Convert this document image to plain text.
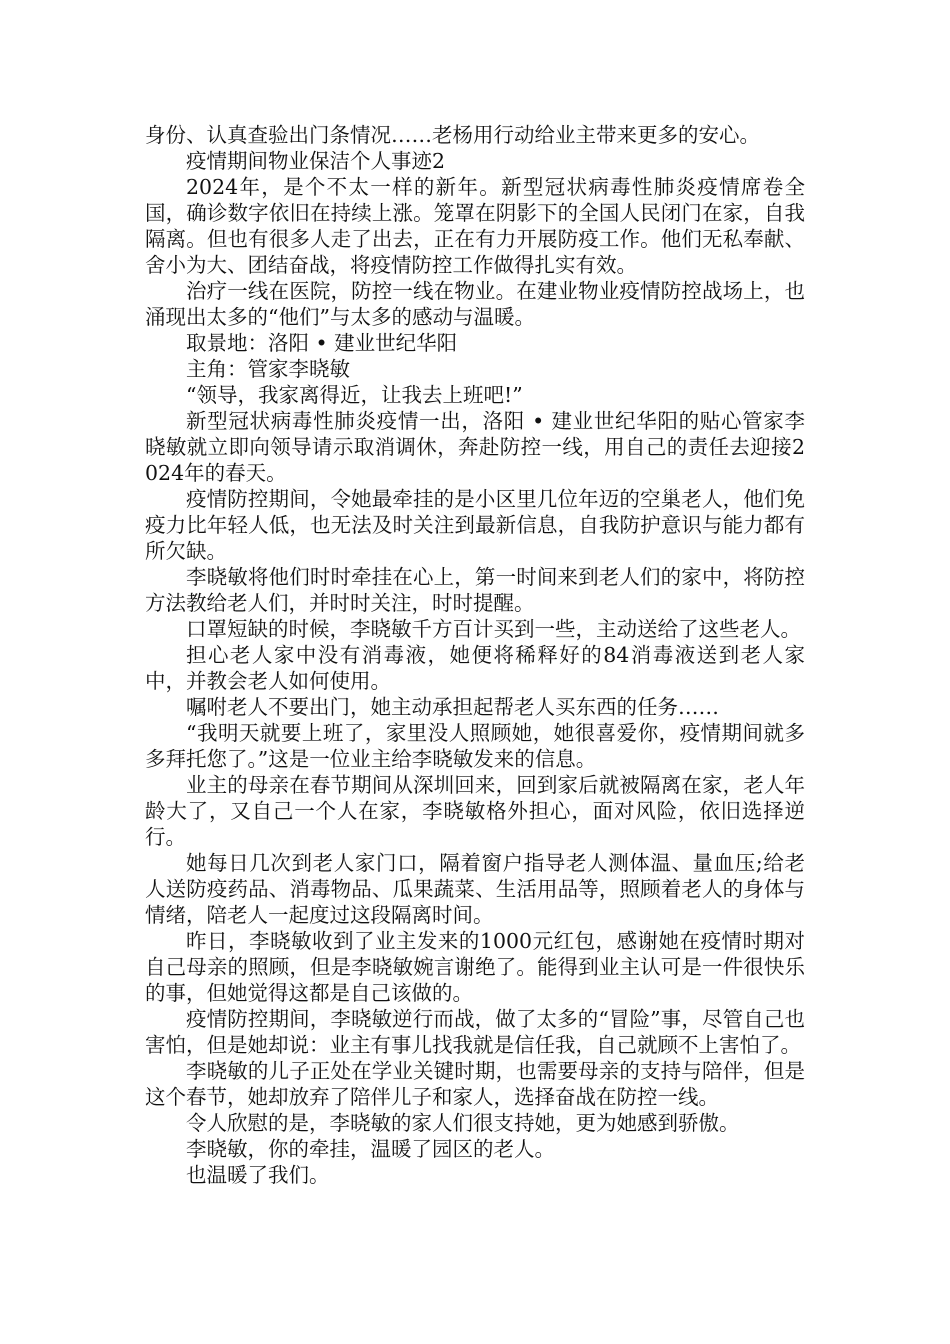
身份、认真查验出门条情况……老杨用行动给业主带来更多的安心。

疫情期间物业保洁个人事迹2

2024年，是个不太一样的新年。新型冠状病毒性肺炎疫情席卷全国，确诊数字依旧在持续上涨。笼罩在阴影下的全国人民闭门在家，自我隔离。但也有很多人走了出去，正在有力开展防疫工作。他们无私奉献、舍小为大、团结奋战，将疫情防控工作做得扎实有效。

治疗一线在医院，防控一线在物业。在建业物业疫情防控战场上，也涌现出太多的“他们”与太多的感动与温暖。

取景地：洛阳 • 建业世纪华阳

主角：管家李晓敏

“领导，我家离得近，让我去上班吧!”

新型冠状病毒性肺炎疫情一出，洛阳 • 建业世纪华阳的贴心管家李晓敏就立即向领导请示取消调休，奔赴防控一线，用自己的责任去迎接2024年的春天。

疫情防控期间，令她最牵挂的是小区里几位年迈的空巢老人，他们免疫力比年轻人低，也无法及时关注到最新信息，自我防护意识与能力都有所欠缺。

李晓敏将他们时时牵挂在心上，第一时间来到老人们的家中，将防控方法教给老人们，并时时关注，时时提醒。

口罩短缺的时候，李晓敏千方百计买到一些，主动送给了这些老人。

担心老人家中没有消毒液，她便将稀释好的84消毒液送到老人家中，并教会老人如何使用。

嘱咐老人不要出门，她主动承担起帮老人买东西的任务……

“我明天就要上班了，家里没人照顾她，她很喜爱你，疫情期间就多多拜托您了。”这是一位业主给李晓敏发来的信息。

业主的母亲在春节期间从深圳回来，回到家后就被隔离在家，老人年龄大了，又自己一个人在家，李晓敏格外担心，面对风险，依旧选择逆行。

她每日几次到老人家门口，隔着窗户指导老人测体温、量血压;给老人送防疫药品、消毒物品、瓜果蔬菜、生活用品等，照顾着老人的身体与情绪，陪老人一起度过这段隔离时间。

昨日，李晓敏收到了业主发来的1000元红包，感谢她在疫情时期对自己母亲的照顾，但是李晓敏婉言谢绝了。能得到业主认可是一件很快乐的事，但她觉得这都是自己该做的。

疫情防控期间，李晓敏逆行而战，做了太多的“冒险”事，尽管自己也害怕，但是她却说：业主有事儿找我就是信任我，自己就顾不上害怕了。

李晓敏的儿子正处在学业关键时期，也需要母亲的支持与陪伴，但是这个春节，她却放弃了陪伴儿子和家人，选择奋战在防控一线。

令人欣慰的是，李晓敏的家人们很支持她，更为她感到骄傲。

李晓敏，你的牵挂，温暖了园区的老人。

也温暖了我们。
